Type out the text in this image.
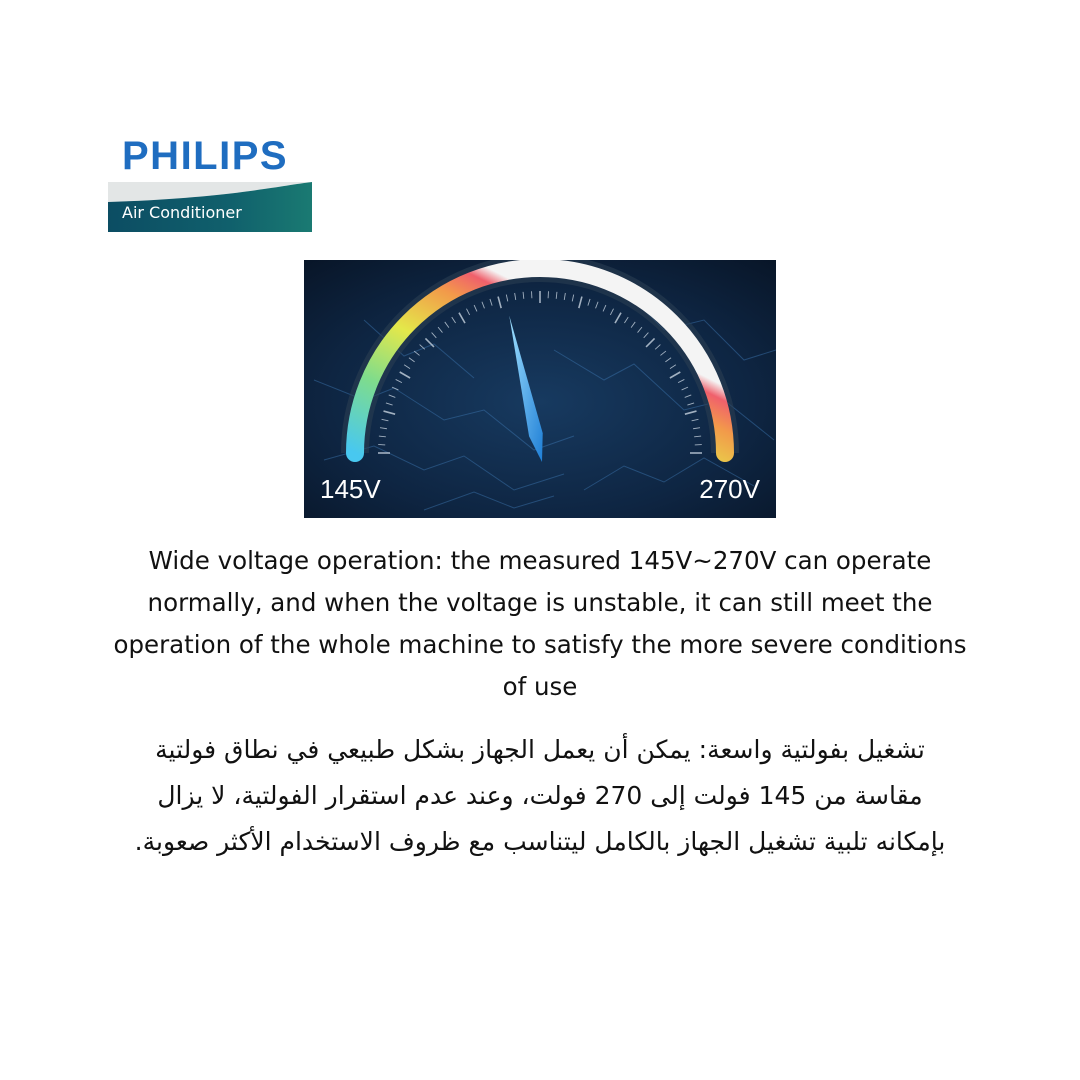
PHILIPS
Air Conditioner
145V	270V

Wide voltage operation: the measured 145V~270V can operate normally, and when the voltage is unstable, it can still meet the operation of the whole machine to satisfy the more severe conditions of use

تشغيل بفولتية واسعة: يمكن أن يعمل الجهاز بشكل طبيعي في نطاق فولتية مقاسة من 145 فولت إلى 270 فولت، وعند عدم استقرار الفولتية، لا يزال بإمكانه تلبية تشغيل الجهاز بالكامل ليتناسب مع ظروف الاستخدام الأكثر صعوبة.
